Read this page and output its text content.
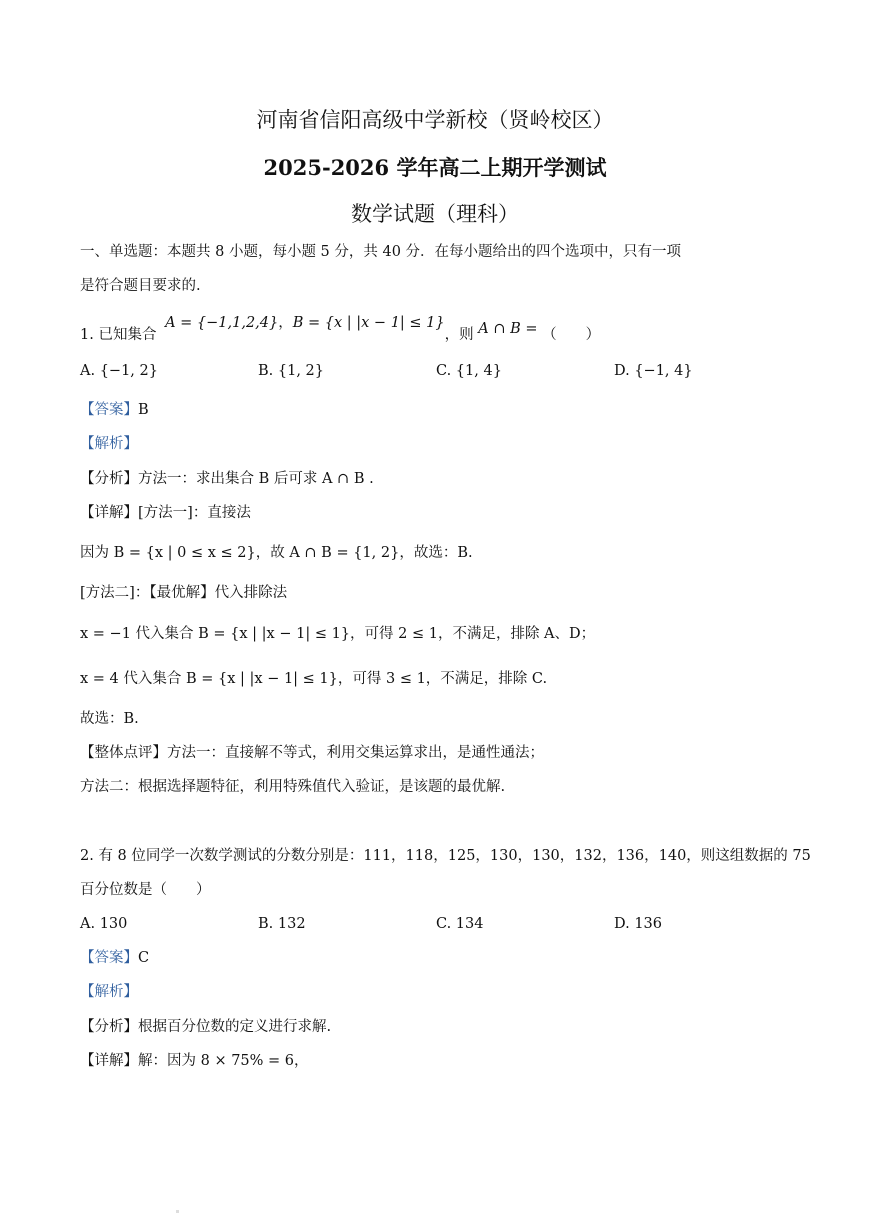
河南省信阳高级中学新校（贤岭校区）
2025-2026 学年高二上期开学测试
数学试题（理科）
一、单选题：本题共 8 小题，每小题 5 分，共 40 分．在每小题给出的四个选项中，只有一项
是符合题目要求的.
1. 已知集合 A = {−1,1,2,4}，B = {x | |x − 1| ≤ 1}，则 A ∩ B = （　　）
A. {−1, 2}	B. {1, 2}	C. {1, 4}	D. {−1, 4}
【答案】B
【解析】
【分析】方法一：求出集合 B 后可求 A ∩ B .
【详解】[方法一]：直接法
因为 B = {x | 0 ≤ x ≤ 2}，故 A ∩ B = {1, 2}，故选：B.
[方法二]：【最优解】代入排除法
x = −1 代入集合 B = {x | |x − 1| ≤ 1}，可得 2 ≤ 1，不满足，排除 A、D；
x = 4 代入集合 B = {x | |x − 1| ≤ 1}，可得 3 ≤ 1，不满足，排除 C.
故选：B.
【整体点评】方法一：直接解不等式，利用交集运算求出，是通性通法；
方法二：根据选择题特征，利用特殊值代入验证，是该题的最优解.
2. 有 8 位同学一次数学测试的分数分别是：111，118，125，130，130，132，136，140，则这组数据的 75
百分位数是（　　）
A. 130	B. 132	C. 134	D. 136
【答案】C
【解析】
【分析】根据百分位数的定义进行求解.
【详解】解：因为 8 × 75% = 6，
